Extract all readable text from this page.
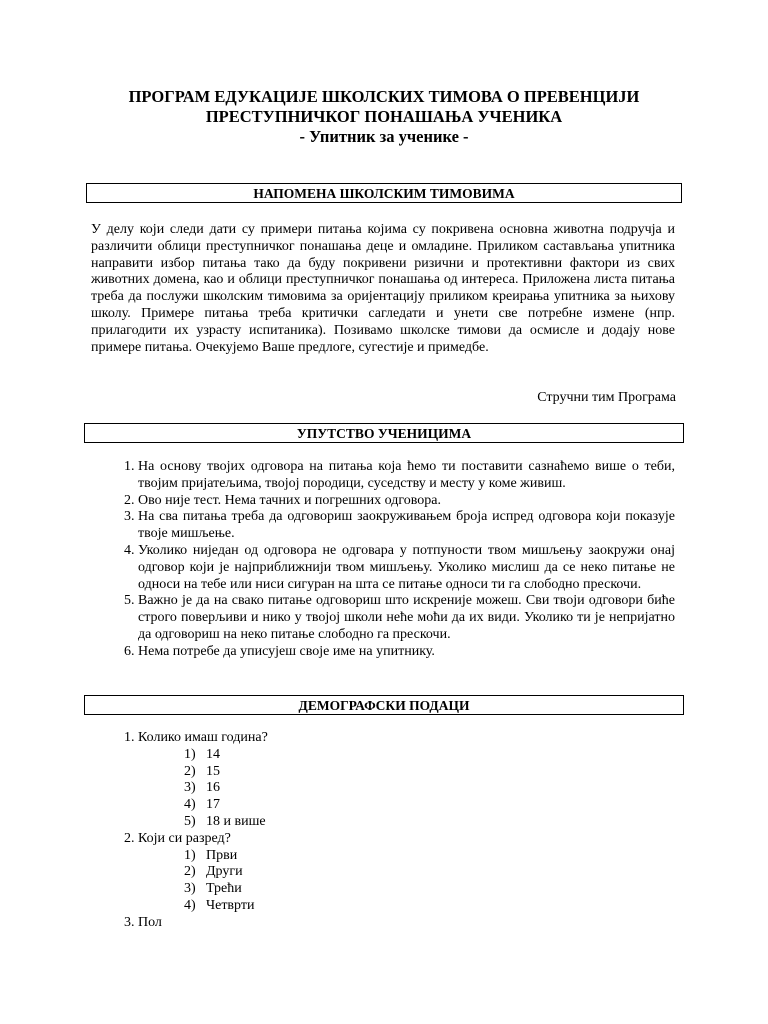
ПРОГРАМ ЕДУКАЦИЈЕ ШКОЛСКИХ ТИМОВА О ПРЕВЕНЦИЈИ
ПРЕСТУПНИЧКОГ ПОНАШАЊА УЧЕНИКА
- Упитник за ученике -
НАПОМЕНА ШКОЛСКИМ ТИМОВИМА
У делу који следи дати су примери питања којима су покривена основна животна подручја и различити облици преступничког понашања деце и омладине. Приликом састављања упитника направити избор питања тако да буду покривени ризични и протективни фактори из свих животних домена, као и облици преступничког понашања од интереса. Приложена листа питања треба да послужи школским тимовима за оријентацију приликом креирања упитника за њихову школу. Примере питања треба критички сагледати и унети све потребне измене (нпр. прилагодити их узрасту испитаника). Позивамо школске тимови да осмисле и додају нове примере питања. Очекујемо Ваше предлоге, сугестије и примедбе.
Стручни тим Програма
УПУТСТВО УЧЕНИЦИМА
1. На основу твојих одговора на питања која ћемо ти поставити сазнаћемо више о теби, твојим пријатељима, твојој породици, суседству и месту у коме живиш.
2. Ово није тест. Нема тачних и погрешних одговора.
3. На сва питања треба да одговориш заокруживањем броја испред одговора који показује твоје мишљење.
4. Уколико ниједан од одговора не одговара у потпуности твом мишљењу заокружи онај одговор који је најприближнији твом мишљењу. Уколико мислиш да се неко питање не односи на тебе или ниси сигуран на шта се питање односи ти га слободно прескочи.
5. Важно је да на свако питање одговориш што искреније можеш. Сви твоји одговори биће строго поверљиви и нико у твојој школи неће моћи да их види. Уколико ти је непријатно да одговориш на неко питање слободно га прескочи.
6. Нема потребе да уписујеш своје име на упитнику.
ДЕМОГРАФСКИ ПОДАЦИ
1. Колико имаш година?
1) 14
2) 15
3) 16
4) 17
5) 18 и више
2. Који си разред?
1) Први
2) Други
3) Трећи
4) Четврти
3. Пол
